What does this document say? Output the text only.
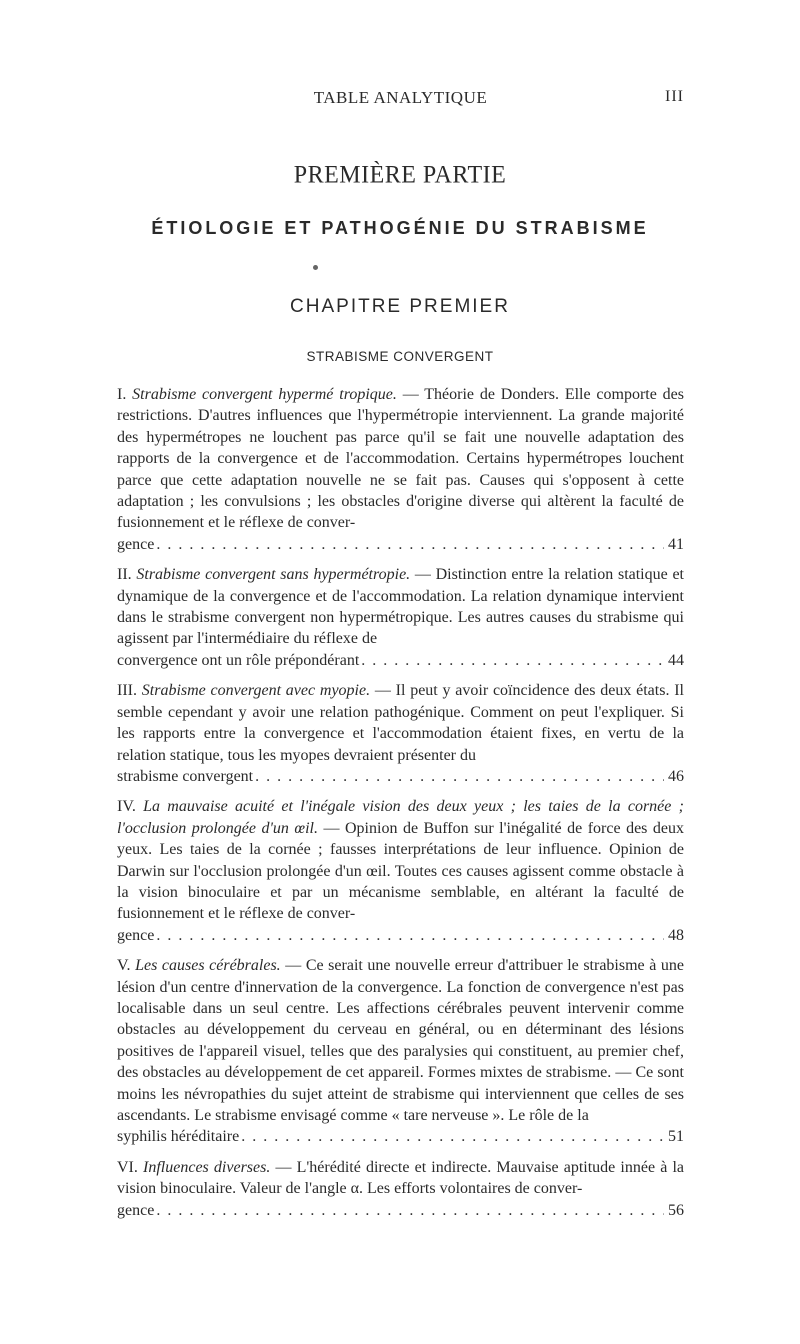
TABLE ANALYTIQUE	III
PREMIÈRE PARTIE
ÉTIOLOGIE ET PATHOGÉNIE DU STRABISME
CHAPITRE PREMIER
STRABISME CONVERGENT
I. Strabisme convergent hypermé tropique. — Théorie de Donders. Elle comporte des restrictions. D'autres influences que l'hypermétropie interviennent. La grande majorité des hypermétropes ne louchent pas parce qu'il se fait une nouvelle adaptation des rapports de la convergence et de l'accommodation. Certains hypermétropes louchent parce que cette adaptation nouvelle ne se fait pas. Causes qui s'opposent à cette adaptation ; les convulsions ; les obstacles d'origine diverse qui altèrent la faculté de fusionnement et le réflexe de conver-
gence . . .	41
II. Strabisme convergent sans hypermétropie. — Distinction entre la relation statique et dynamique de la convergence et de l'accommodation. La relation dynamique intervient dans le strabisme convergent non hypermétropique. Les autres causes du strabisme qui agissent par l'intermédiaire du réflexe de
convergence ont un rôle prépondérant . . .	44
III. Strabisme convergent avec myopie. — Il peut y avoir coïncidence des deux états. Il semble cependant y avoir une relation pathogénique. Comment on peut l'expliquer. Si les rapports entre la convergence et l'accommodation étaient fixes, en vertu de la relation statique, tous les myopes devraient présenter du
strabisme convergent . . .	46
IV. La mauvaise acuité et l'inégale vision des deux yeux ; les taies de la cornée ; l'occlusion prolongée d'un œil. — Opinion de Buffon sur l'inégalité de force des deux yeux. Les taies de la cornée ; fausses interprétations de leur influence. Opinion de Darwin sur l'occlusion prolongée d'un œil. Toutes ces causes agissent comme obstacle à la vision binoculaire et par un mécanisme semblable, en altérant la faculté de fusionnement et le réflexe de conver-
gence . . .	48
V. Les causes cérébrales. — Ce serait une nouvelle erreur d'attribuer le strabisme à une lésion d'un centre d'innervation de la convergence. La fonction de convergence n'est pas localisable dans un seul centre. Les affections cérébrales peuvent intervenir comme obstacles au développement du cerveau en général, ou en déterminant des lésions positives de l'appareil visuel, telles que des paralysies qui constituent, au premier chef, des obstacles au développement de cet appareil. Formes mixtes de strabisme. — Ce sont moins les névropathies du sujet atteint de strabisme qui interviennent que celles de ses ascendants. Le strabisme envisagé comme « tare nerveuse ». Le rôle de la
syphilis héréditaire . . .	51
VI. Influences diverses. — L'hérédité directe et indirecte. Mauvaise aptitude innée à la vision binoculaire. Valeur de l'angle α. Les efforts volontaires de conver-
gence . . .	56
